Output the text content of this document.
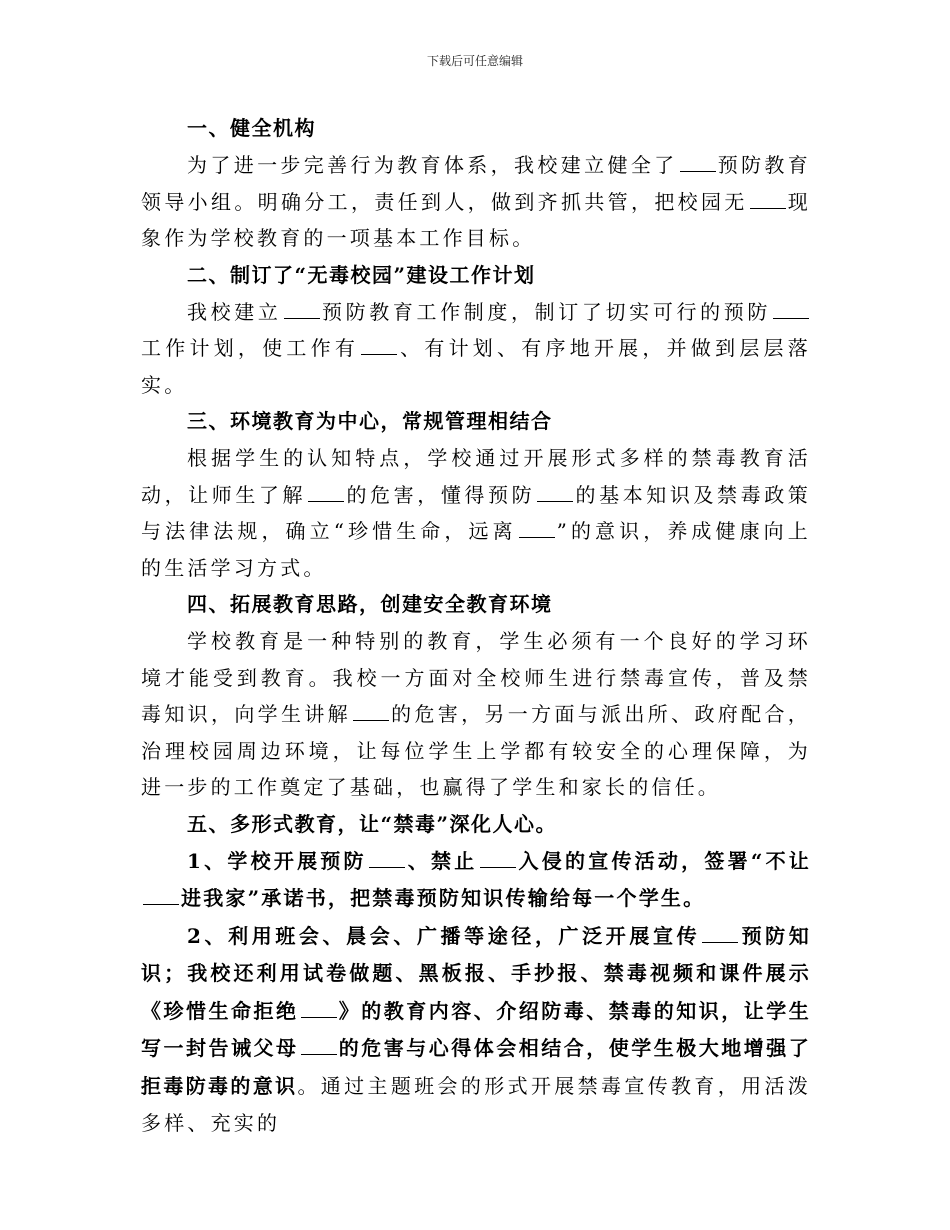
下载后可任意编辑

一、健全机构

为了进一步完善行为教育体系，我校建立健全了 预防教育领导小组。明确分工，责任到人，做到齐抓共管，把校园无 现象作为学校教育的一项基本工作目标。

二、制订了“无毒校园”建设工作计划

我校建立 预防教育工作制度，制订了切实可行的预防工作计划，使工作有 、有计划、有序地开展，并做到层层落实。

三、环境教育为中心，常规管理相结合

根据学生的认知特点，学校通过开展形式多样的禁毒教育活动，让师生了解 的危害，懂得预防 的基本知识及禁毒政策与法律法规，确立“珍惜生命，远离 ”的意识，养成健康向上的生活学习方式。

四、拓展教育思路，创建安全教育环境

学校教育是一种特别的教育，学生必须有一个良好的学习环境才能受到教育。我校一方面对全校师生进行禁毒宣传，普及禁毒知识，向学生讲解 的危害，另一方面与派出所、政府配合，治理校园周边环境，让每位学生上学都有较安全的心理保障，为进一步的工作奠定了基础，也赢得了学生和家长的信任。

五、多形式教育，让“禁毒”深化人心。

1、学校开展预防 、禁止 入侵的宣传活动，签署“不让进我家”承诺书，把禁毒预防知识传输给每一个学生。

2、利用班会、晨会、广播等途径，广泛开展宣传 预防知识；我校还利用试卷做题、黑板报、手抄报、禁毒视频和课件展示《珍惜生命拒绝 》的教育内容、介绍防毒、禁毒的知识，让学生写一封告诫父母 的危害与心得体会相结合，使学生极大地增强了拒毒防毒的意识。通过主题班会的形式开展禁毒宣传教育，用活泼多样、充实的
